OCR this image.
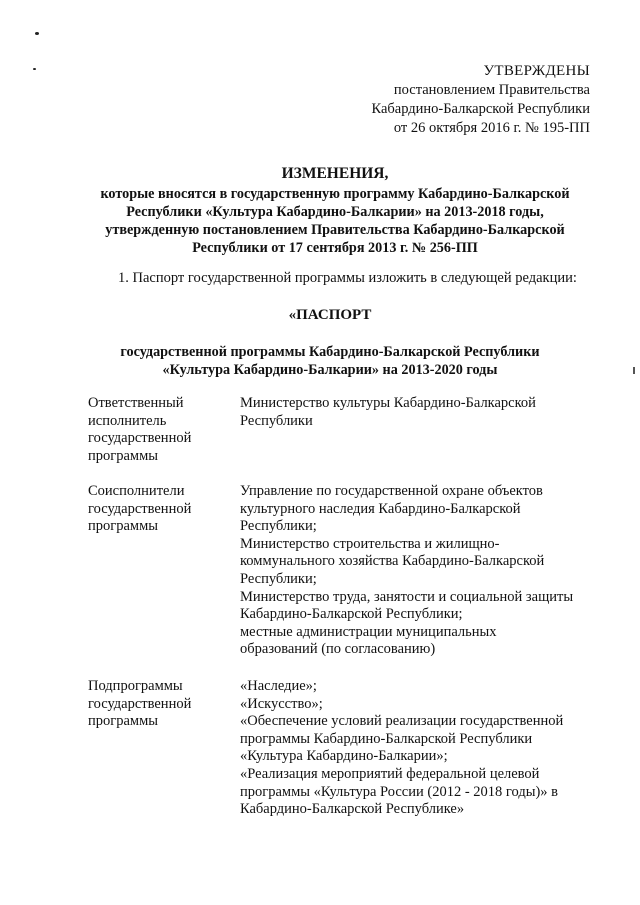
УТВЕРЖДЕНЫ
постановлением Правительства
Кабардино-Балкарской Республики
от 26 октября 2016 г. № 195-ПП
ИЗМЕНЕНИЯ,
которые вносятся в государственную программу Кабардино-Балкарской
Республики «Культура Кабардино-Балкарии» на 2013-2018 годы,
утвержденную постановлением Правительства Кабардино-Балкарской
Республики от 17 сентября 2013 г. № 256-ПП
1. Паспорт государственной программы изложить в следующей редакции:
«ПАСПОРТ
государственной программы Кабардино-Балкарской Республики
«Культура Кабардино-Балкарии» на 2013-2020 годы
Ответственный
исполнитель
государственной
программы
Министерство культуры Кабардино-Балкарской
Республики
Соисполнители
государственной
программы
Управление по государственной охране объектов
культурного наследия Кабардино-Балкарской
Республики;
Министерство строительства и жилищно-
коммунального хозяйства Кабардино-Балкарской
Республики;
Министерство труда, занятости и социальной защиты
Кабардино-Балкарской Республики;
местные администрации муниципальных
образований (по согласованию)
Подпрограммы
государственной
программы
«Наследие»;
«Искусство»;
«Обеспечение условий реализации государственной
программы Кабардино-Балкарской Республики
«Культура Кабардино-Балкарии»;
«Реализация мероприятий федеральной целевой
программы «Культура России (2012 - 2018 годы)» в
Кабардино-Балкарской Республике»
